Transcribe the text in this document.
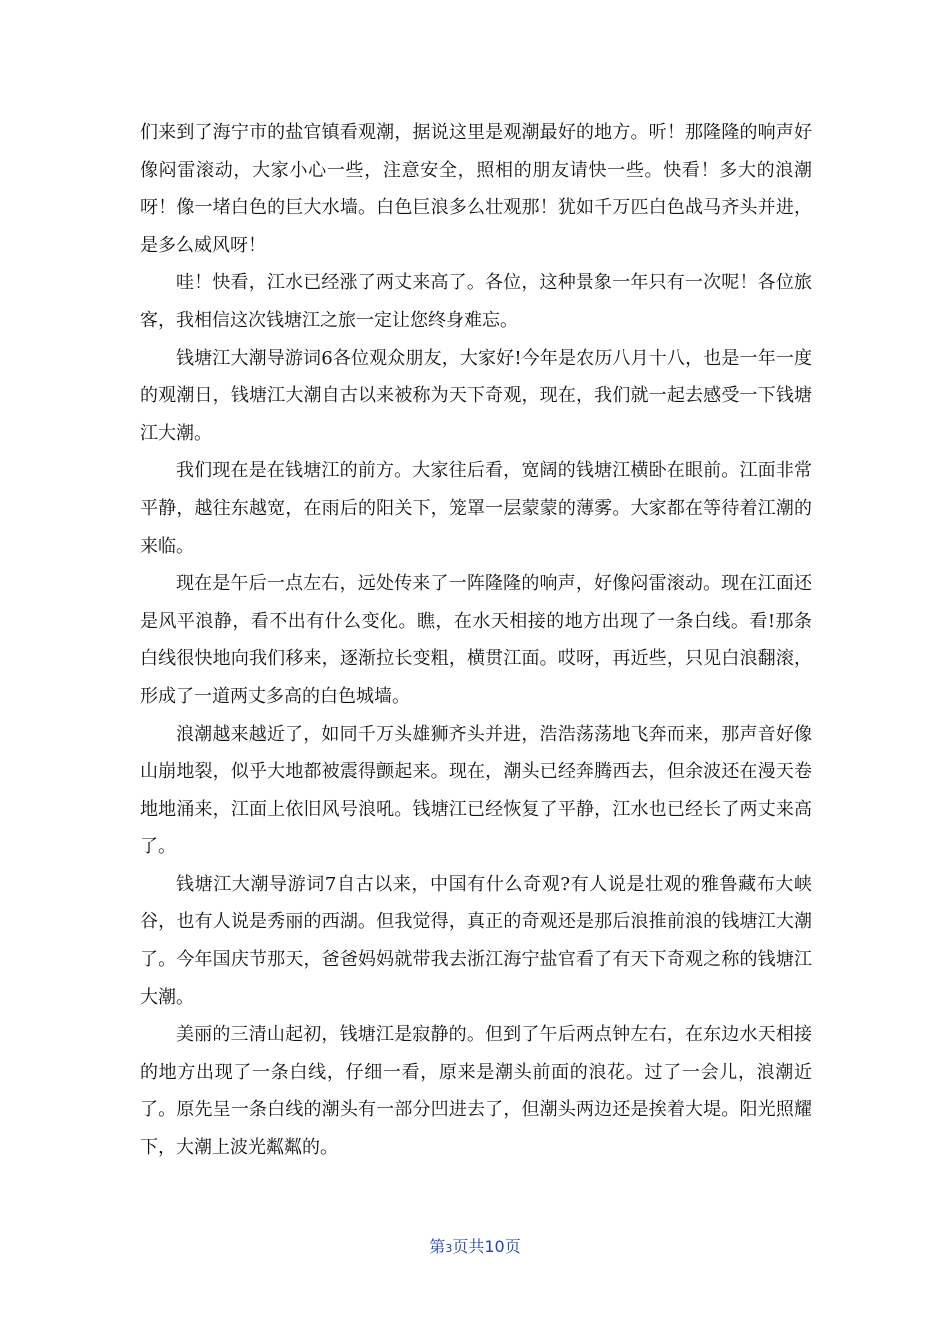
们来到了海宁市的盐官镇看观潮，据说这里是观潮最好的地方。听！那隆隆的响声好像闷雷滚动，大家小心一些，注意安全，照相的朋友请快一些。快看！多大的浪潮呀！像一堵白色的巨大水墙。白色巨浪多么壮观那！犹如千万匹白色战马齐头并进，是多么威风呀！

哇！快看，江水已经涨了两丈来高了。各位，这种景象一年只有一次呢！各位旅客，我相信这次钱塘江之旅一定让您终身难忘。

钱塘江大潮导游词6各位观众朋友，大家好!今年是农历八月十八，也是一年一度的观潮日，钱塘江大潮自古以来被称为天下奇观，现在，我们就一起去感受一下钱塘江大潮。

我们现在是在钱塘江的前方。大家往后看，宽阔的钱塘江横卧在眼前。江面非常平静，越往东越宽，在雨后的阳关下，笼罩一层蒙蒙的薄雾。大家都在等待着江潮的来临。

现在是午后一点左右，远处传来了一阵隆隆的响声，好像闷雷滚动。现在江面还是风平浪静，看不出有什么变化。瞧，在水天相接的地方出现了一条白线。看!那条白线很快地向我们移来，逐渐拉长变粗，横贯江面。哎呀，再近些，只见白浪翻滚，形成了一道两丈多高的白色城墙。

浪潮越来越近了，如同千万头雄狮齐头并进，浩浩荡荡地飞奔而来，那声音好像山崩地裂，似乎大地都被震得颤起来。现在，潮头已经奔腾西去，但余波还在漫天卷地地涌来，江面上依旧风号浪吼。钱塘江已经恢复了平静，江水也已经长了两丈来高了。

钱塘江大潮导游词7自古以来，中国有什么奇观?有人说是壮观的雅鲁藏布大峡谷，也有人说是秀丽的西湖。但我觉得，真正的奇观还是那后浪推前浪的钱塘江大潮了。今年国庆节那天，爸爸妈妈就带我去浙江海宁盐官看了有天下奇观之称的钱塘江大潮。

美丽的三清山起初，钱塘江是寂静的。但到了午后两点钟左右，在东边水天相接的地方出现了一条白线，仔细一看，原来是潮头前面的浪花。过了一会儿，浪潮近了。原先呈一条白线的潮头有一部分凹进去了，但潮头两边还是挨着大堤。阳光照耀下，大潮上波光粼粼的。

第3页共10页
